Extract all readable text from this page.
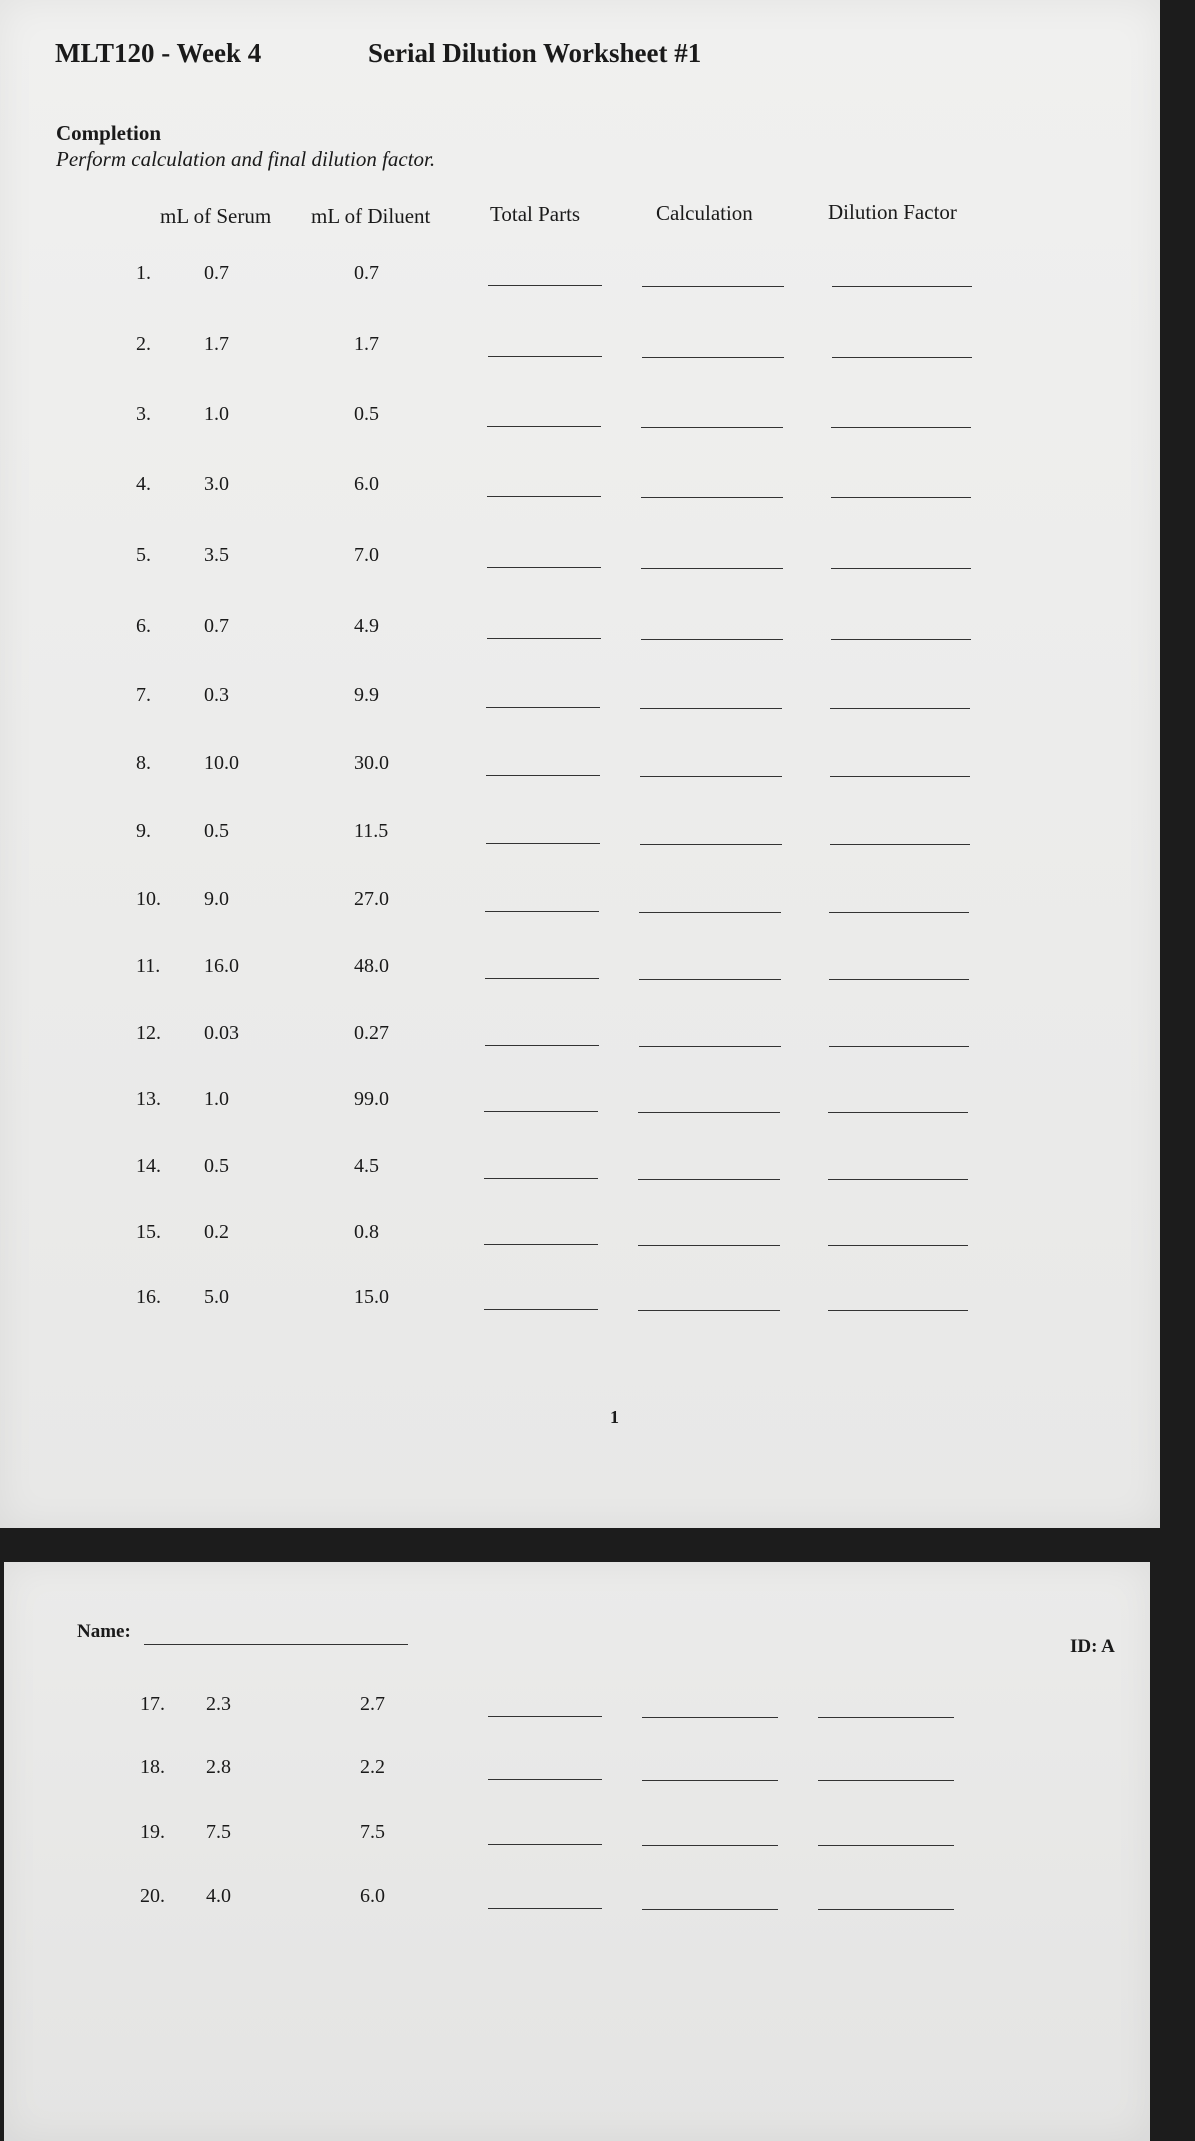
MLT120 - Week 4	Serial Dilution Worksheet #1
Completion
Perform calculation and final dilution factor.
mL of Serum mL of Diluent	Total Parts	Calculation	Dilution Factor
1.	0.7	0.7
2.	1.7	1.7
3.	1.0	0.5
4.	3.0	6.0
5.	3.5	7.0
6.	0.7	4.9
7.	0.3	9.9
8.	10.0	30.0
9.	0.5	11.5
10. 9.0	27.0
11. 16.0	48.0
12. 0.03	0.27
13. 1.0	99.0
14. 0.5	4.5
15. 0.2	0.8
16. 5.0	15.0
1
Name:
ID: A
17. 2.3	2.7
18. 2.8	2.2
19. 7.5	7.5
20. 4.0	6.0
